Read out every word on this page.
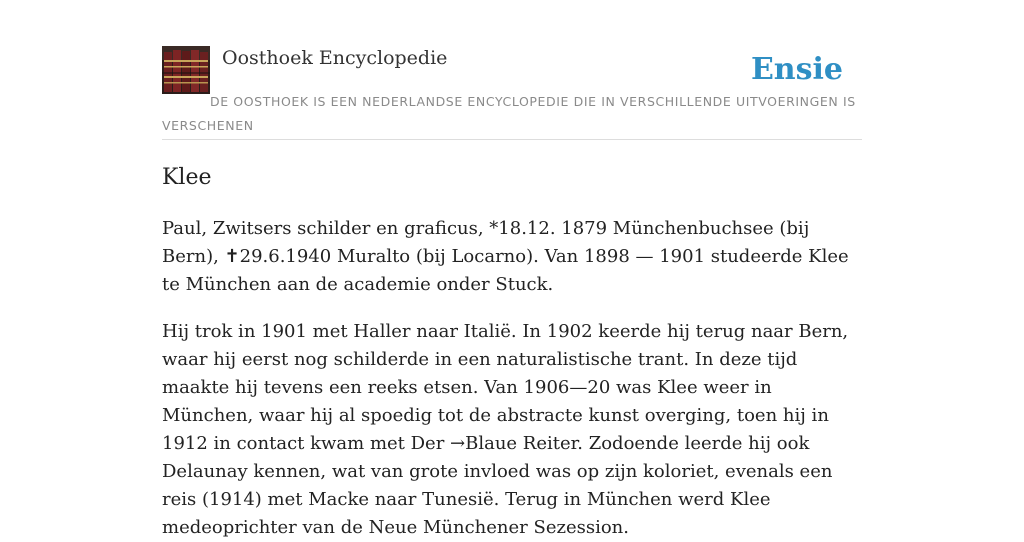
Oosthoek Encyclopedie	Ensie
DE OOSTHOEK IS EEN NEDERLANDSE ENCYCLOPEDIE DIE IN VERSCHILLENDE UITVOERINGEN IS VERSCHENEN
Klee

Paul, Zwitsers schilder en graficus, *18.12. 1879 Münchenbuchsee (bij Bern), ✝29.6.1940 Muralto (bij Locarno). Van 1898 — 1901 studeerde Klee te München aan de academie onder Stuck.

Hij trok in 1901 met Haller naar Italië. In 1902 keerde hij terug naar Bern, waar hij eerst nog schilderde in een naturalistische trant. In deze tijd maakte hij tevens een reeks etsen. Van 1906—20 was Klee weer in München, waar hij al spoedig tot de abstracte kunst overging, toen hij in 1912 in contact kwam met Der →Blaue Reiter. Zodoende leerde hij ook Delaunay kennen, wat van grote invloed was op zijn koloriet, evenals een reis (1914) met Macke naar Tunesië. Terug in München werd Klee medeoprichter van de Neue Münchener Sezession.
